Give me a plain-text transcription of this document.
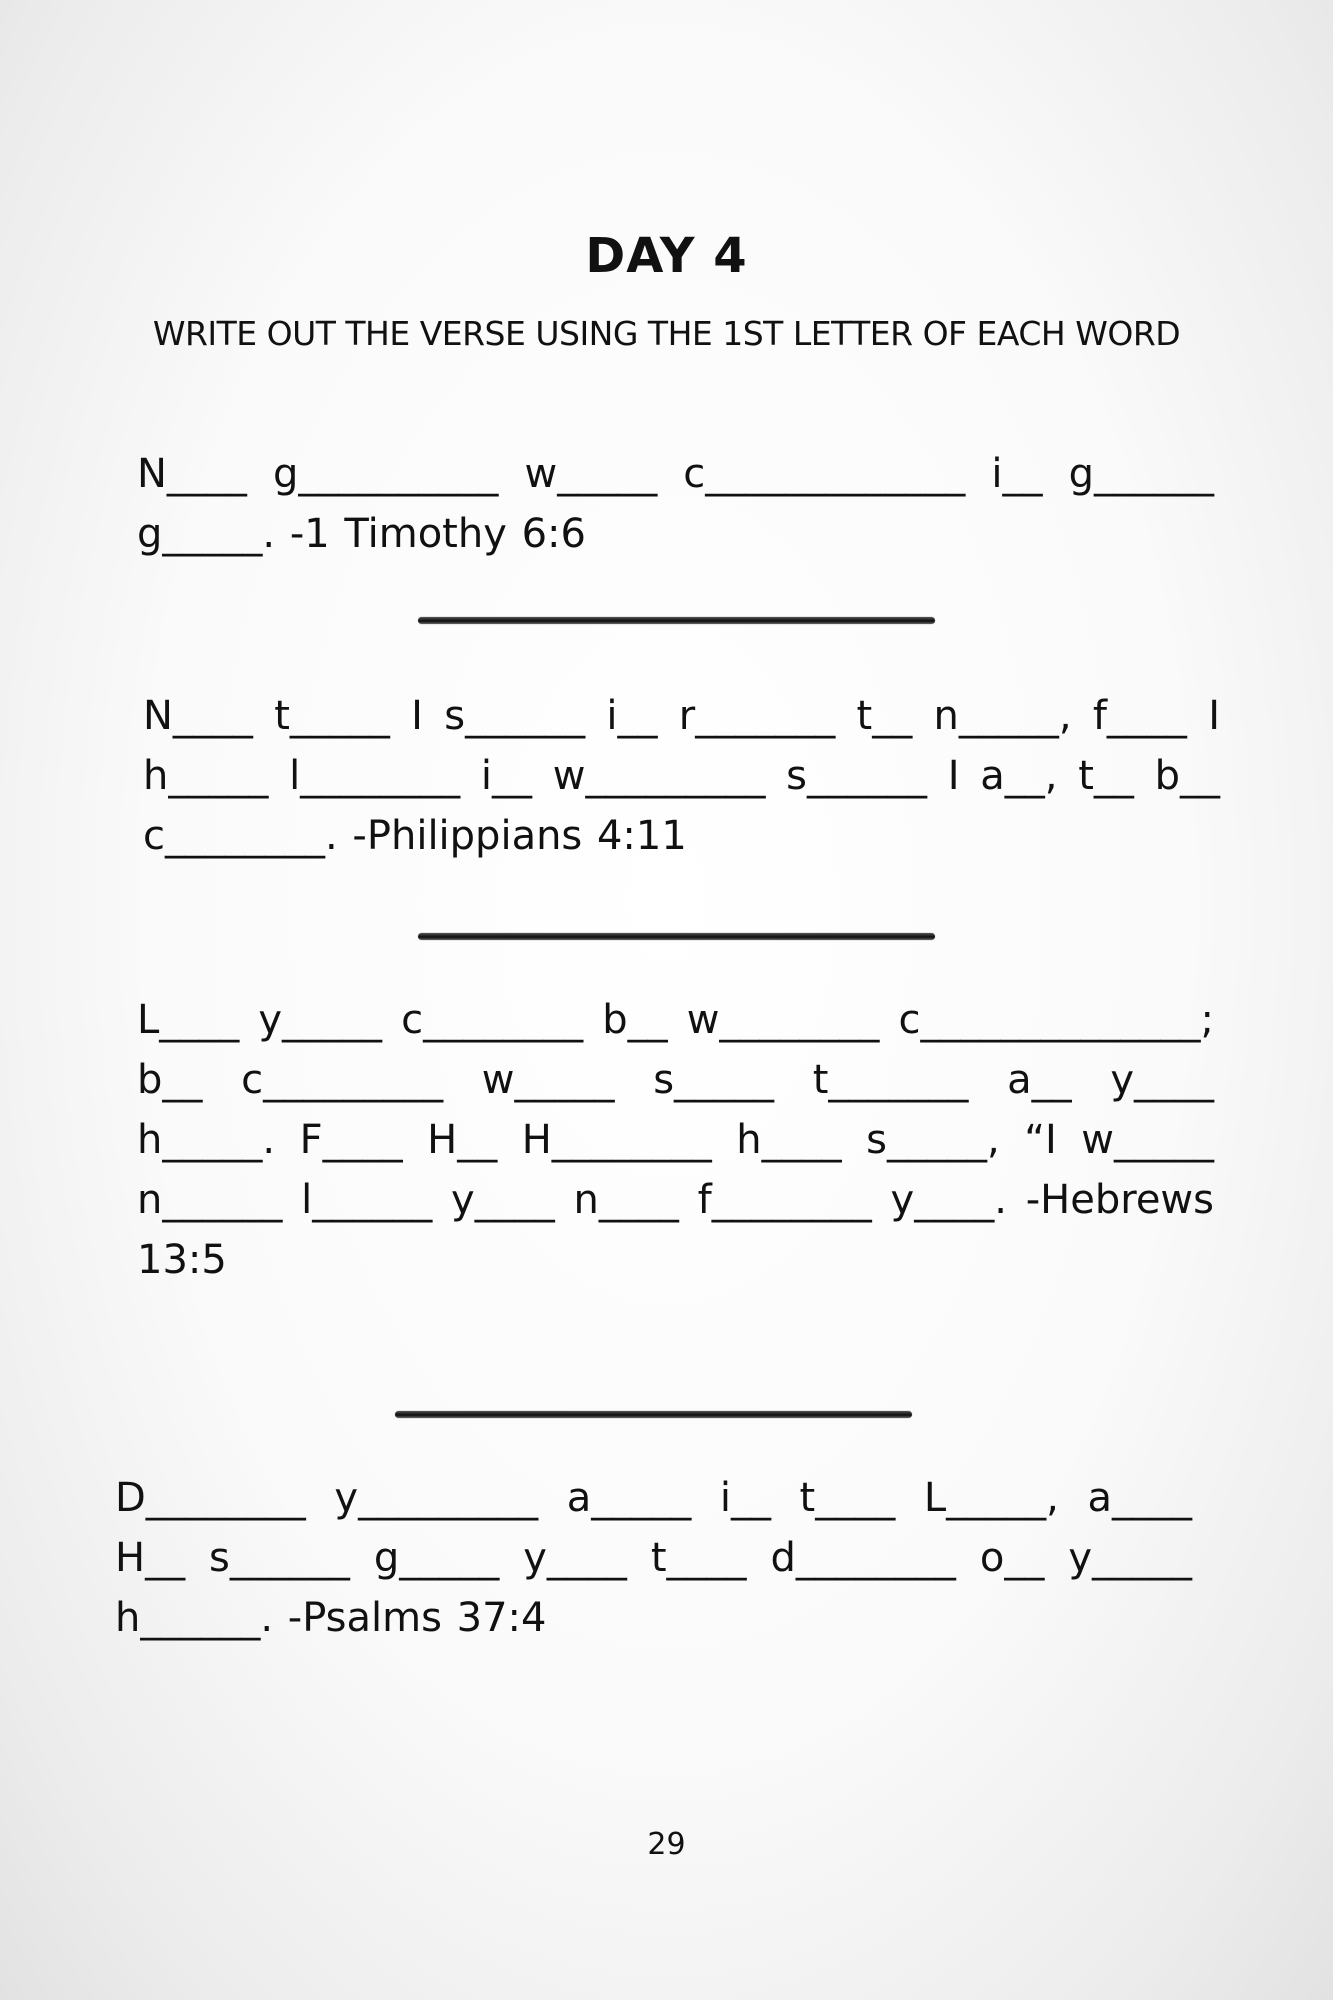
DAY 4
WRITE OUT THE VERSE USING THE 1ST LETTER OF EACH WORD

N____ g__________ w_____ c_____________ i__ g______ g_____. -1 Timothy 6:6

N____ t_____ I s______ i__ r_______ t__ n_____, f____ I h_____ l________ i__ w_________ s______ I a__, t__ b__ c________. -Philippians 4:11

L____ y_____ c________ b__ w________ c______________; b__ c_________ w_____ s_____ t_______ a__ y____ h_____. F____ H__ H________ h____ s_____, “I w_____ n______ l______ y____ n____ f________ y____. -Hebrews 13:5

D________ y_________ a_____ i__ t____ L_____, a____ H__ s______ g_____ y____ t____ d________ o__ y_____ h______. -Psalms 37:4

29
